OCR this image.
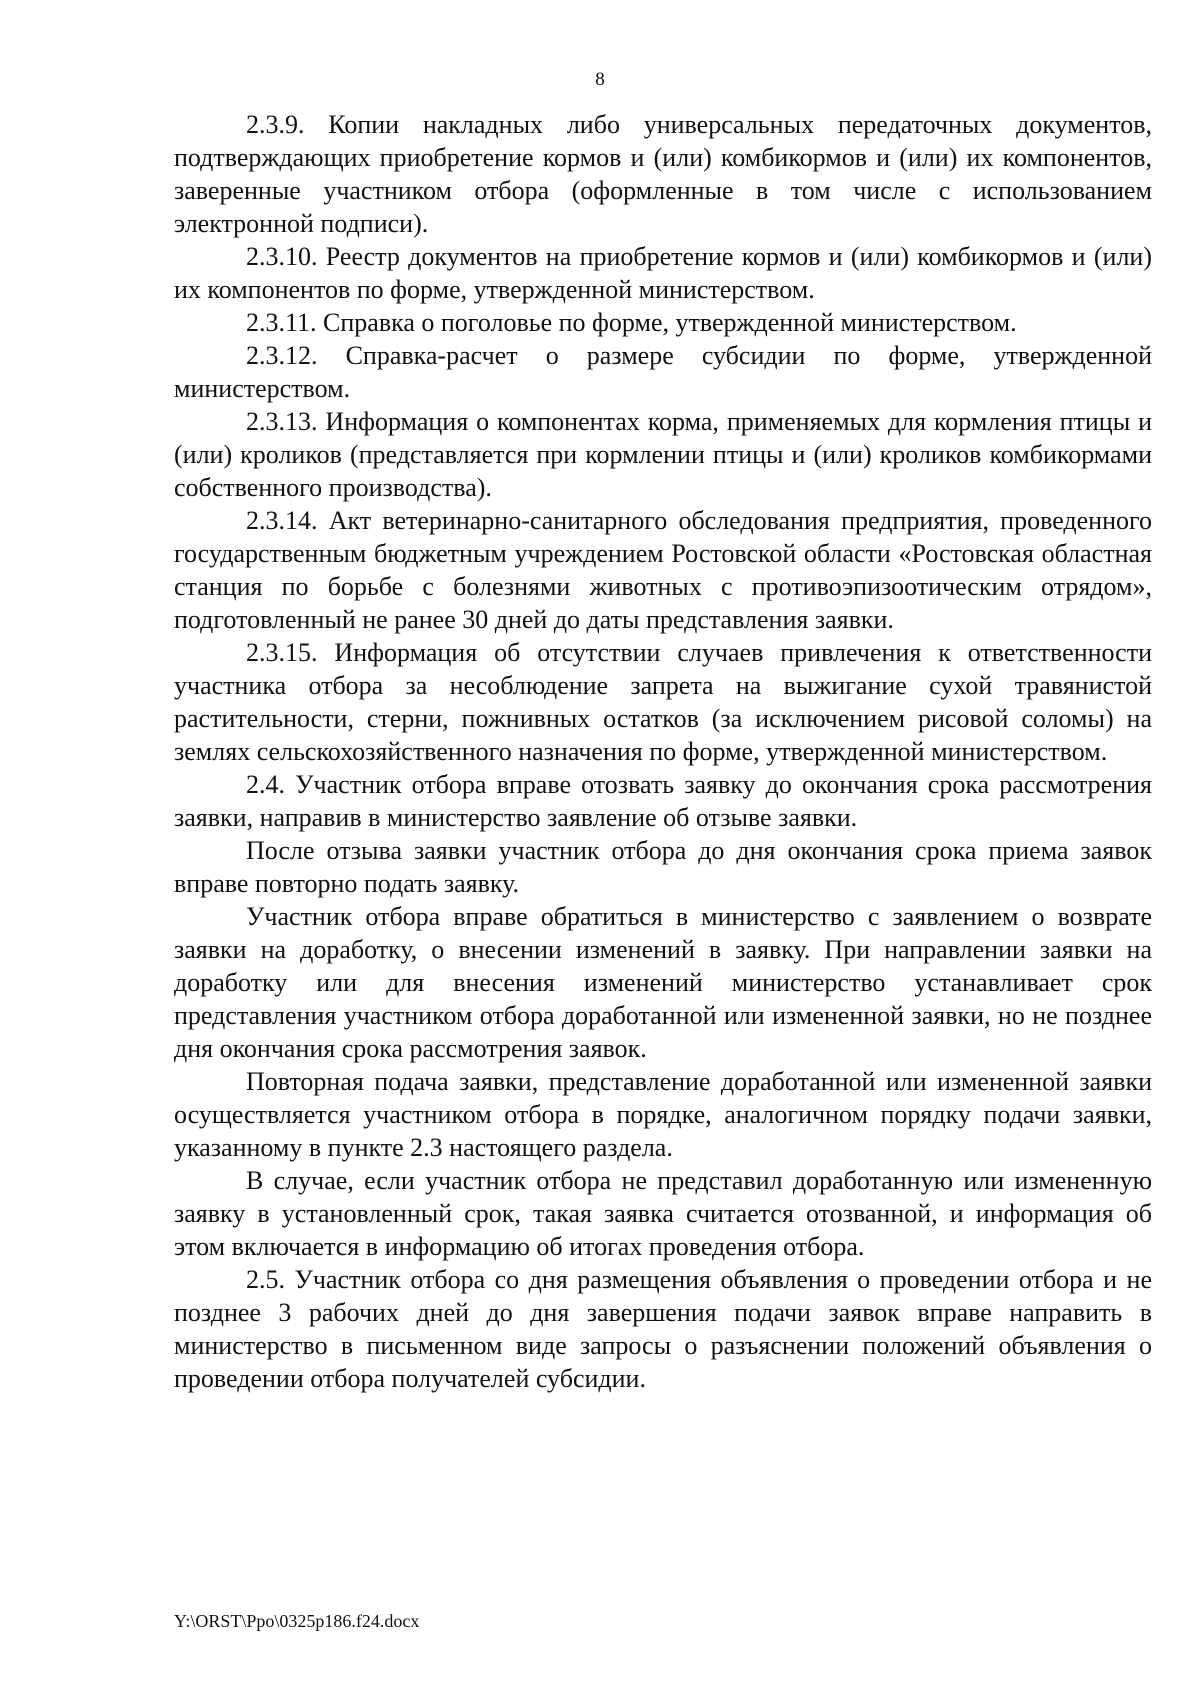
8

2.3.9. Копии накладных либо универсальных передаточных документов, подтверждающих приобретение кормов и (или) комбикормов и (или) их компонентов, заверенные участником отбора (оформленные в том числе с использованием электронной подписи).

2.3.10. Реестр документов на приобретение кормов и (или) комбикормов и (или) их компонентов по форме, утвержденной министерством.

2.3.11. Справка о поголовье по форме, утвержденной министерством.

2.3.12. Справка-расчет о размере субсидии по форме, утвержденной министерством.

2.3.13. Информация о компонентах корма, применяемых для кормления птицы и (или) кроликов (представляется при кормлении птицы и (или) кроликов комбикормами собственного производства).

2.3.14. Акт ветеринарно-санитарного обследования предприятия, проведенного государственным бюджетным учреждением Ростовской области «Ростовская областная станция по борьбе с болезнями животных с противоэпизоотическим отрядом», подготовленный не ранее 30 дней до даты представления заявки.

2.3.15. Информация об отсутствии случаев привлечения к ответственности участника отбора за несоблюдение запрета на выжигание сухой травянистой растительности, стерни, пожнивных остатков (за исключением рисовой соломы) на землях сельскохозяйственного назначения по форме, утвержденной министерством.

2.4. Участник отбора вправе отозвать заявку до окончания срока рассмотрения заявки, направив в министерство заявление об отзыве заявки.

После отзыва заявки участник отбора до дня окончания срока приема заявок вправе повторно подать заявку.

Участник отбора вправе обратиться в министерство с заявлением о возврате заявки на доработку, о внесении изменений в заявку. При направлении заявки на доработку или для внесения изменений министерство устанавливает срок представления участником отбора доработанной или измененной заявки, но не позднее дня окончания срока рассмотрения заявок.

Повторная подача заявки, представление доработанной или измененной заявки осуществляется участником отбора в порядке, аналогичном порядку подачи заявки, указанному в пункте 2.3 настоящего раздела.

В случае, если участник отбора не представил доработанную или измененную заявку в установленный срок, такая заявка считается отозванной, и информация об этом включается в информацию об итогах проведения отбора.

2.5. Участник отбора со дня размещения объявления о проведении отбора и не позднее 3 рабочих дней до дня завершения подачи заявок вправе направить в министерство в письменном виде запросы о разъяснении положений объявления о проведении отбора получателей субсидии.

Y:\ORST\Ppo\0325p186.f24.docx
